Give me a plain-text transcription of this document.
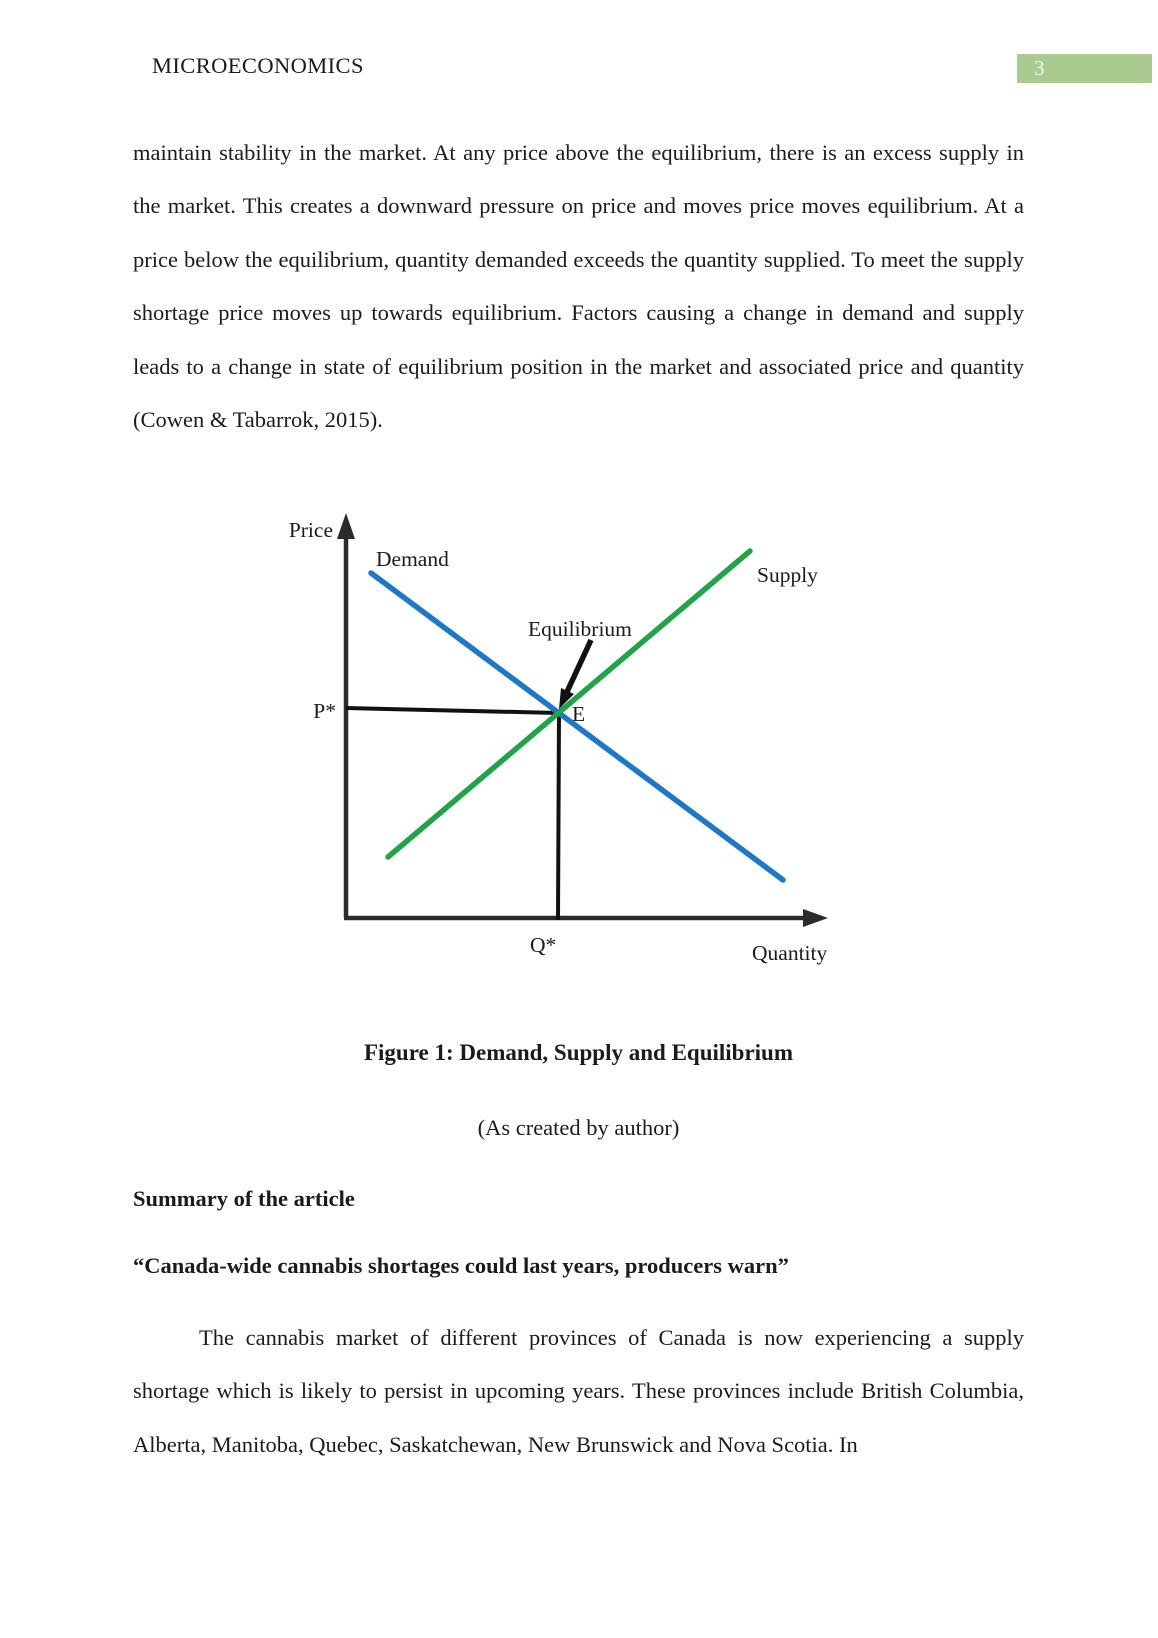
MICROECONOMICS	3

maintain stability in the market. At any price above the equilibrium, there is an excess supply in the market. This creates a downward pressure on price and moves price moves equilibrium. At a price below the equilibrium, quantity demanded exceeds the quantity supplied. To meet the supply shortage price moves up towards equilibrium. Factors causing a change in demand and supply leads to a change in state of equilibrium position in the market and associated price and quantity (Cowen & Tabarrok, 2015).

Price
Demand
Supply
Equilibrium
E
P*
Q*	Quantity
Figure 1: Demand, Supply and Equilibrium
(As created by author)
Summary of the article
“Canada-wide cannabis shortages could last years, producers warn”

The cannabis market of different provinces of Canada is now experiencing a supply shortage which is likely to persist in upcoming years. These provinces include British Columbia, Alberta, Manitoba, Quebec, Saskatchewan, New Brunswick and Nova Scotia. In
